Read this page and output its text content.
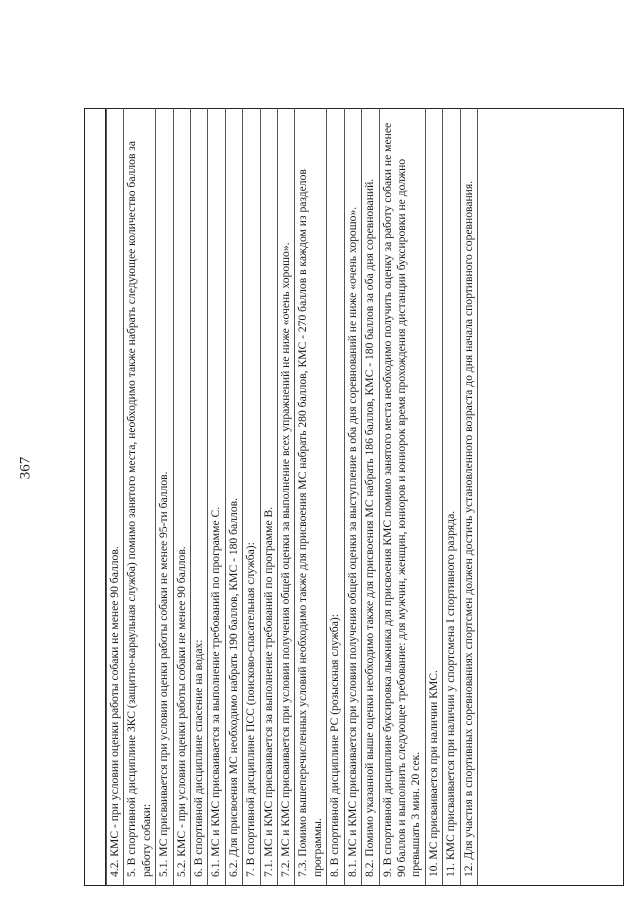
367
4.2. КМС - при условии оценки работы собаки не менее 90 баллов. 5. В спортивной дисциплине ЗКС (защитно-караульная служба) помимо занятого места, необходимо также набрать следующее количество баллов за работу собаки: 5.1. МС присваивается при условии оценки работы собаки не менее 95-ти баллов. 5.2. КМС - при условии оценки работы собаки не менее 90 баллов. 6. В спортивной дисциплине спасение на водах: 6.1. МС и КМС присваивается за выполнение требований по программе С. 6.2. Для присвоения МС необходимо набрать 190 баллов, КМС - 180 баллов. 7. В спортивной дисциплине ПСС (поисково-спасательная служба): 7.1. МС и КМС присваивается за выполнение требований по программе В. 7.2. МС и КМС присваивается при условии получения общей оценки за выполнение всех упражнений не ниже «очень хорошо». 7.3. Помимо вышеперечисленных условий необходимо также для присвоения МС набрать 280 баллов, КМС - 270 баллов в каждом из разделов программы. 8. В спортивной дисциплине РС (розыскная служба): 8.1. МС и КМС присваивается при условии получения общей оценки за выступление в оба дня соревнований не ниже «очень хорошо». 8.2. Помимо указанной выше оценки необходимо также для присвоения МС набрать 186 баллов, КМС - 180 баллов за оба дня соревнований. 9. В спортивной дисциплине буксировка лыжника для присвоения КМС помимо занятого места необходимо получить оценку за работу собаки не менее 90 баллов и выполнить следующее требование: для мужчин, женщин, юниоров и юниорок время прохождения дистанции буксировки не должно превышать 3 мин. 20 сек. 10. МС присваивается при наличии КМС. 11. КМС присваивается при наличии у спортсмена I спортивного разряда. 12. Для участия в спортивных соревнованиях спортсмен должен достичь установленного возраста до дня начала спортивного соревнования.
